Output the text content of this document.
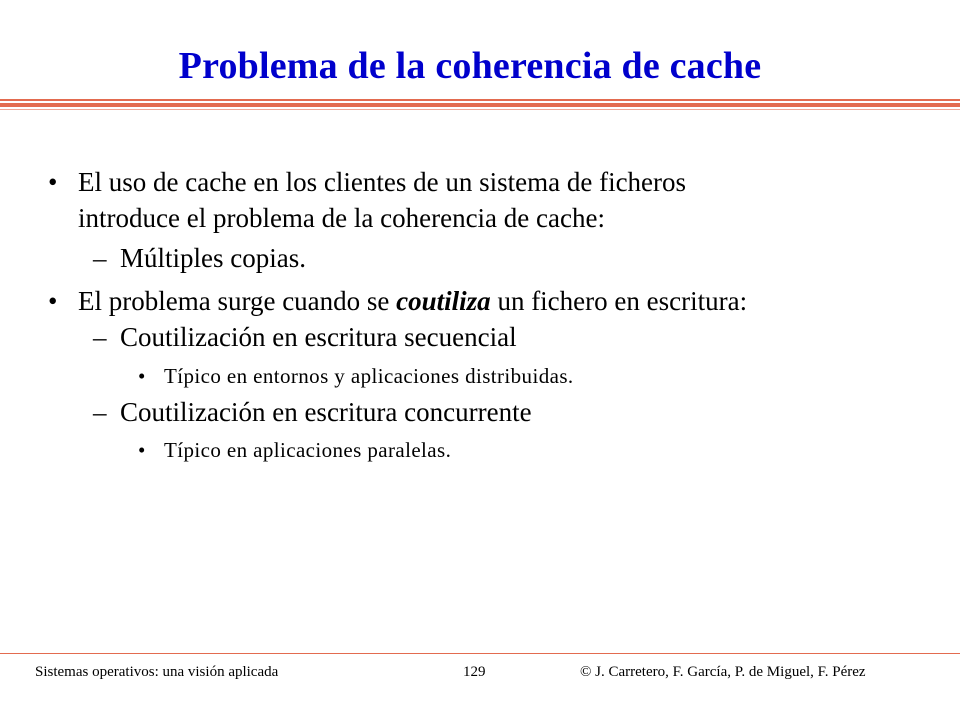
Problema de la coherencia de cache
• El uso de cache en los clientes de un sistema de ficheros
introduce el problema de la coherencia de cache:
– Múltiples copias.
• El problema surge cuando se coutiliza un fichero en escritura:
– Coutilización en escritura secuencial
• Típico en entornos y aplicaciones distribuidas.
– Coutilización en escritura concurrente
• Típico en aplicaciones paralelas.
Sistemas operativos: una visión aplicada	129	© J. Carretero, F. García, P. de Miguel, F. Pérez
